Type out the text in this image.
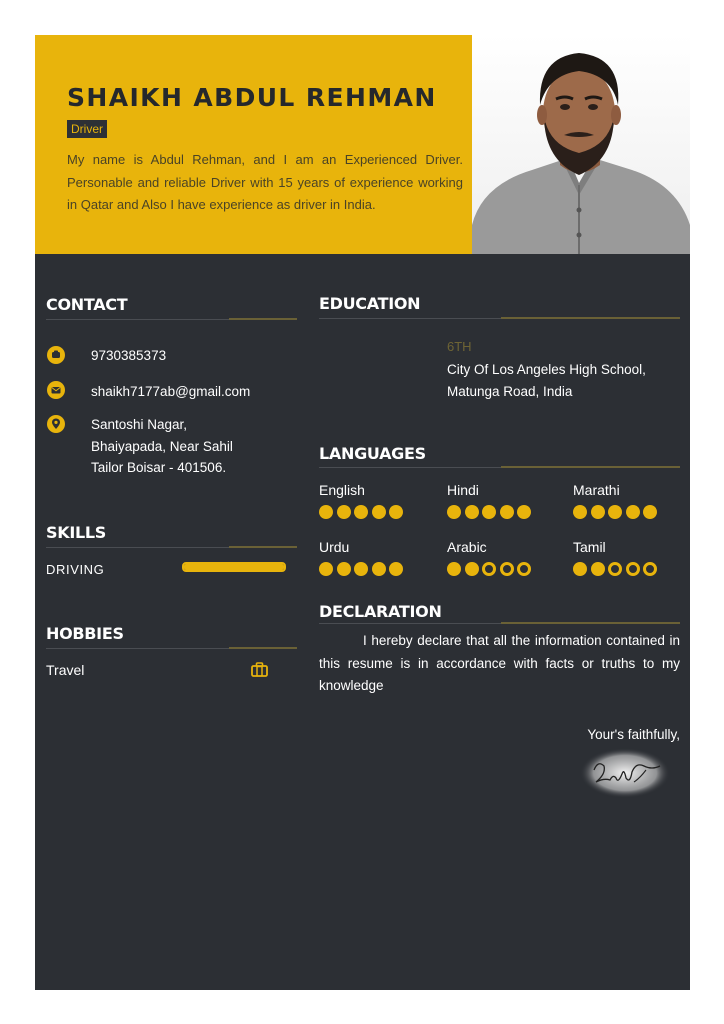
SHAIKH ABDUL REHMAN
Driver
My name is Abdul Rehman, and I am an Experienced Driver. Personable and reliable Driver with 15 years of experience working in Qatar and Also I have experience as driver in India.
CONTACT
9730385373
shaikh7177ab@gmail.com
Santoshi Nagar,
Bhaiyapada, Near Sahil
Tailor Boisar - 401506.
SKILLS
DRIVING
HOBBIES
Travel
EDUCATION
6TH
City Of Los Angeles High School,
Matunga Road, India
LANGUAGES
English	Hindi	Marathi
Urdu	Arabic	Tamil
DECLARATION
I hereby declare that all the information contained in this resume is in accordance with facts or truths to my knowledge
Your's faithfully,
